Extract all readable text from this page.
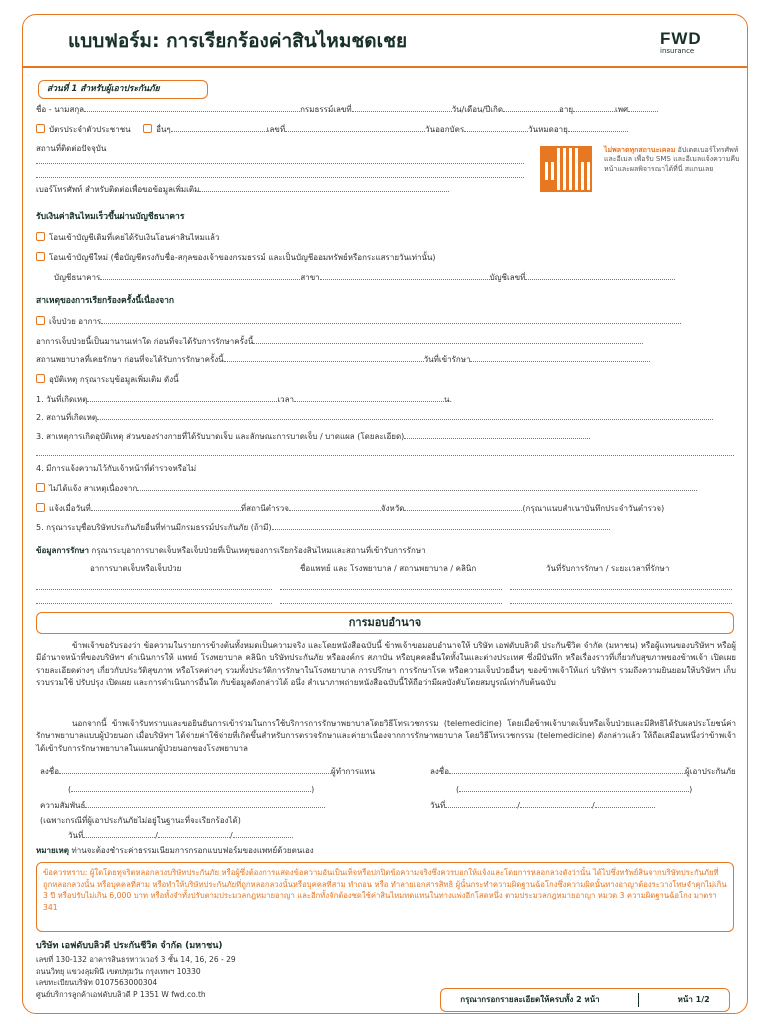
แบบฟอร์ม: การเรียกร้องค่าสินไหมชดเชย	FWD
insurance
ส่วนที่ 1 สำหรับผู้เอาประกันภัย
ชื่อ - นามสกุล	กรมธรรม์เลขที่	วัน/เดือน/ปีเกิด	อายุ	เพศ
บัตรประจำตัวประชาชน	อื่นๆ	เลขที่	วันออกบัตร	วันหมดอายุ
สถานที่ติดต่อปัจจุบัน
เบอร์โทรศัพท์ สำหรับติดต่อเพื่อขอข้อมูลเพิ่มเติม
ไม่พลาดทุกสถานะเคลม อัปเดตเบอร์โทรศัพท์และอีเมล เพื่อรับ SMS และอีเมลแจ้งความคืบหน้าและผลพิจารณาได้ที่นี่ สแกนเลย
รับเงินค่าสินไหมเร็วขึ้นผ่านบัญชีธนาคาร
โอนเข้าบัญชีเดิมที่เคยได้รับเงินโอนค่าสินไหมแล้ว
โอนเข้าบัญชีใหม่ (ชื่อบัญชีตรงกับชื่อ-สกุลของเจ้าของกรมธรรม์ และเป็นบัญชีออมทรัพย์หรือกระแสรายวันเท่านั้น)
บัญชีธนาคาร	สาขา	บัญชีเลขที่
สาเหตุของการเรียกร้องครั้งนี้เนื่องจาก
เจ็บป่วย อาการ
อาการเจ็บป่วยนี้เป็นมานานเท่าใด ก่อนที่จะได้รับการรักษาครั้งนี้
สถานพยาบาลที่เคยรักษา ก่อนที่จะได้รับการรักษาครั้งนี้	วันที่เข้ารักษา
อุบัติเหตุ กรุณาระบุข้อมูลเพิ่มเติม ดังนี้
1. วันที่เกิดเหตุ	เวลา	น.
2. สถานที่เกิดเหตุ
3. สาเหตุการเกิดอุบัติเหตุ ส่วนของร่างกายที่ได้รับบาดเจ็บ และลักษณะการบาดเจ็บ / บาดแผล (โดยละเอียด)
4. มีการแจ้งความไว้กับเจ้าหน้าที่ตำรวจหรือไม่
ไม่ได้แจ้ง สาเหตุเนื่องจาก
แจ้งเมื่อวันที่	ที่สถานีตำรวจ	จังหวัด	(กรุณาแนบสำเนาบันทึกประจำวันตำรวจ)
5. กรุณาระบุชื่อบริษัทประกันภัยอื่นที่ท่านมีกรมธรรม์ประกันภัย (ถ้ามี)
ข้อมูลการรักษา กรุณาระบุอาการบาดเจ็บหรือเจ็บป่วยที่เป็นเหตุของการเรียกร้องสินไหมและสถานที่เข้ารับการรักษา
อาการบาดเจ็บหรือเจ็บป่วย	ชื่อแพทย์ และ โรงพยาบาล / สถานพยาบาล / คลินิก	วันที่รับการรักษา / ระยะเวลาที่รักษา
การมอบอำนาจ
ข้าพเจ้าขอรับรองว่า ข้อความในรายการข้างต้นทั้งหมดเป็นความจริง และโดยหนังสือฉบับนี้ ข้าพเจ้าขอมอบอำนาจให้ บริษัท เอฟดับบลิวดี ประกันชีวิต จำกัด (มหาชน) หรือผู้แทนของบริษัทฯ หรือผู้มีอำนาจหน้าที่ของบริษัทฯ ดำเนินการให้ แพทย์ โรงพยาบาล คลินิก บริษัทประกันภัย หรือองค์กร สภาบัน หรือบุคคลอื่นใดทั้งในและต่างประเทศ ซึ่งมีบันทึก หรือเรื่องราวที่เกี่ยวกับสุขภาพของข้าพเจ้า เปิดเผยรายละเอียดต่างๆ เกี่ยวกับประวัติสุขภาพ หรือโรคต่างๆ รวมทั้งประวัติการรักษาในโรงพยาบาล การปรึกษา การรักษาโรค หรือความเจ็บป่วยอื่นๆ ของข้าพเจ้าให้แก่ บริษัทฯ รวมถึงความยินยอมให้บริษัทฯ เก็บรวบรวมใช้ ปรับปรุง เปิดเผย และการดำเนินการอื่นใด กับข้อมูลดังกล่าวได้ อนึ่ง สำเนาภาพถ่ายหนังสือฉบับนี้ให้ถือว่ามีผลบังคับโดยสมบูรณ์เท่ากับต้นฉบับ
นอกจากนี้ ข้าพเจ้ารับทราบและขอยินยันการเข้าร่วมในการใช้บริการการรักษาพยาบาลโดยวิธีโทรเวชกรรม (telemedicine) โดยเมื่อข้าพเจ้าบาดเจ็บหรือเจ็บป่วยและมีสิทธิได้รับผลประโยชน์ค่ารักษาพยาบาลแบบผู้ป่วยนอก เมื่อบริษัทฯ ได้จ่ายค่าใช้จ่ายที่เกิดขึ้นสำหรับการตรวจรักษาและค่ายาเนื่องจากการรักษาพยาบาล โดยวิธีโทรเวชกรรม (telemedicine) ดังกล่าวแล้ว ให้ถือเสมือนหนึ่งว่าข้าพเจ้าได้เข้ารับการรักษาพยาบาลในแผนกผู้ป่วยนอกของโรงพยาบาล
ลงชื่อ	ผู้ทำการแทน	ลงชื่อ	ผู้เอาประกันภัย
(	)	(	)
ความสัมพันธ์	วันที่	/	/
(เฉพาะกรณีที่ผู้เอาประกันภัยไม่อยู่ในฐานะที่จะเรียกร้องได้)
วันที่	/	/
หมายเหตุ ท่านจะต้องชำระค่าธรรมเนียมการกรอกแบบฟอร์มของแพทย์ด้วยตนเอง
ข้อควรทราบ: ผู้ใดโดยทุจริตหลอกลวงบริษัทประกันภัย หรือผู้ซึ่งต้องการแสดงข้อความอันเป็นเท็จหรือปกปิดข้อความจริงซึ่งควรบอกให้แจ้งและโดยการหลอกลวงดังว่านั้น ได้ไปซึ่งทรัพย์สินจากบริษัทประกันภัยที่ถูกหลอกลวงนั้น หรือบุคคลที่สาม หรือทำให้บริษัทประกันภัยที่ถูกหลอกลวงนั้นหรือบุคคลที่สาม ทำถอน หรือ ทำลายเอกสารสิทธิ ผู้นั้นกระทำความผิดฐานฉ้อโกงซึ่งความผิดนั้นทางอาญาต้องระวางโทษจำคุกไม่เกิน 3 ปี หรือปรับไม่เกิน 6,000 บาท หรือทั้งจำทั้งปรับตามประมวลกฎหมายอาญา และอีกทั้งจักต้องชดใช้ค่าสินไหมทดแทนในทางแพ่งอีกโสดหนึ่ง ตามประมวลกฎหมายอาญา หมวด 3 ความผิดฐานฉ้อโกง มาตรา 341
บริษัท เอฟดับบลิวดี ประกันชีวิต จำกัด (มหาชน)
เลขที่ 130-132 อาคารสินธรทาวเวอร์ 3 ชั้น 14, 16, 26 - 29
ถนนวิทยุ แขวงลุมพินี เขตปทุมวัน กรุงเทพฯ 10330
เลขทะเบียนบริษัท 0107563000304
ศูนย์บริการลูกค้าเอฟดับบลิวดี P 1351 W fwd.co.th
กรุณากรอกรายละเอียดให้ครบทั้ง 2 หน้า	หน้า 1/2
